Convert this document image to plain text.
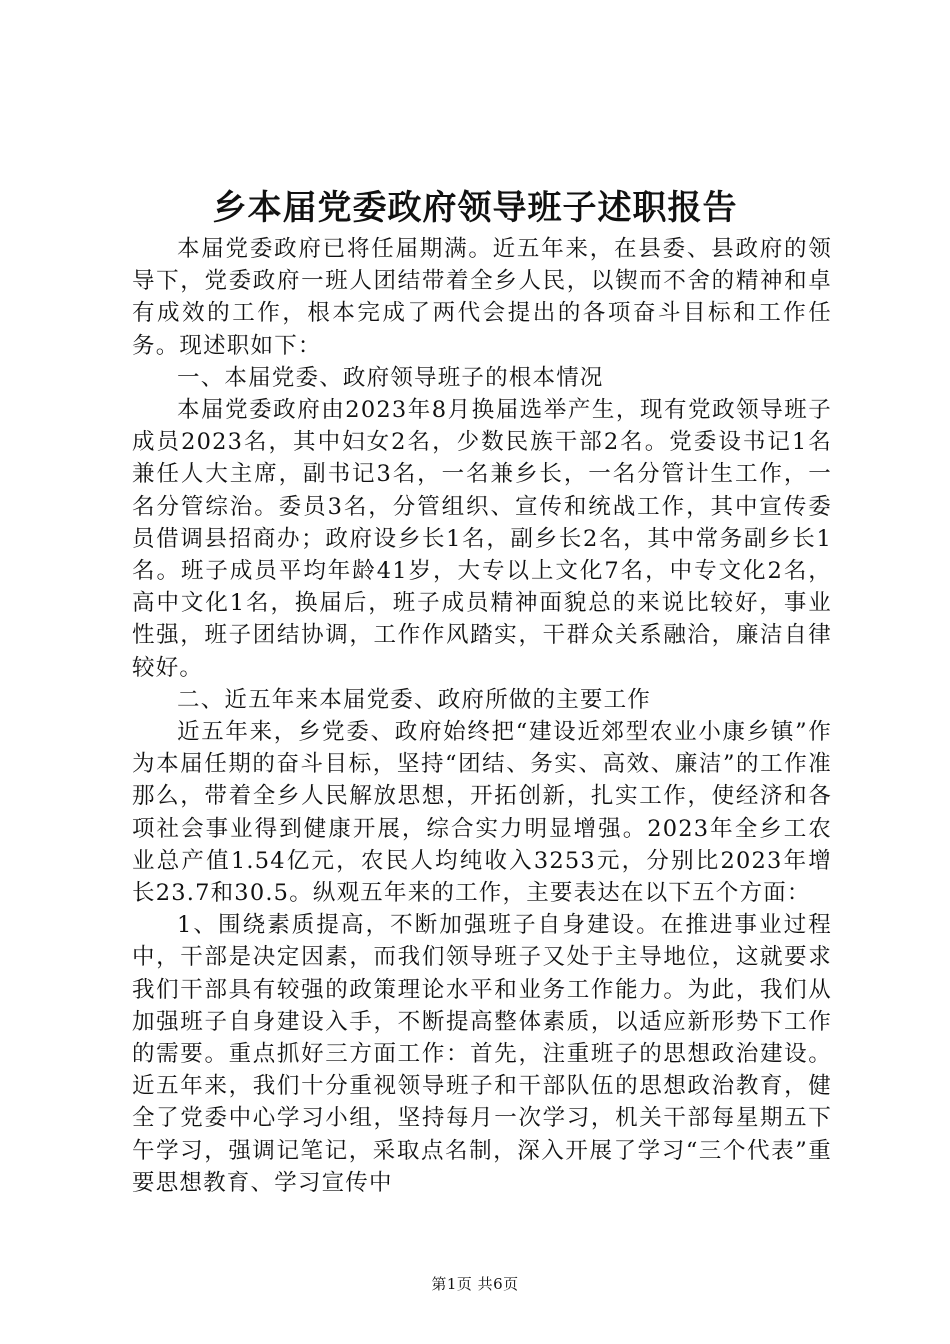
乡本届党委政府领导班子述职报告

本届党委政府已将任届期满。近五年来，在县委、县政府的领导下，党委政府一班人团结带着全乡人民，以锲而不舍的精神和卓有成效的工作，根本完成了两代会提出的各项奋斗目标和工作任务。现述职如下：

一、本届党委、政府领导班子的根本情况

本届党委政府由2023年8月换届选举产生，现有党政领导班子成员2023名，其中妇女2名，少数民族干部2名。党委设书记1名兼任人大主席，副书记3名，一名兼乡长，一名分管计生工作，一名分管综治。委员3名，分管组织、宣传和统战工作，其中宣传委员借调县招商办；政府设乡长1名，副乡长2名，其中常务副乡长1名。班子成员平均年龄41岁，大专以上文化7名，中专文化2名，高中文化1名，换届后，班子成员精神面貌总的来说比较好，事业性强，班子团结协调，工作作风踏实，干群众关系融洽，廉洁自律较好。

二、近五年来本届党委、政府所做的主要工作

近五年来，乡党委、政府始终把“建设近郊型农业小康乡镇”作为本届任期的奋斗目标，坚持“团结、务实、高效、廉洁”的工作准那么，带着全乡人民解放思想，开拓创新，扎实工作，使经济和各项社会事业得到健康开展，综合实力明显增强。2023年全乡工农业总产值1.54亿元，农民人均纯收入3253元，分别比2023年增长23.7和30.5。纵观五年来的工作，主要表达在以下五个方面：

1、围绕素质提高，不断加强班子自身建设。在推进事业过程中，干部是决定因素，而我们领导班子又处于主导地位，这就要求我们干部具有较强的政策理论水平和业务工作能力。为此，我们从加强班子自身建设入手，不断提高整体素质，以适应新形势下工作的需要。重点抓好三方面工作：首先，注重班子的思想政治建设。近五年来，我们十分重视领导班子和干部队伍的思想政治教育，健全了党委中心学习小组，坚持每月一次学习，机关干部每星期五下午学习，强调记笔记，采取点名制，深入开展了学习“三个代表”重要思想教育、学习宣传中

第1页 共6页
